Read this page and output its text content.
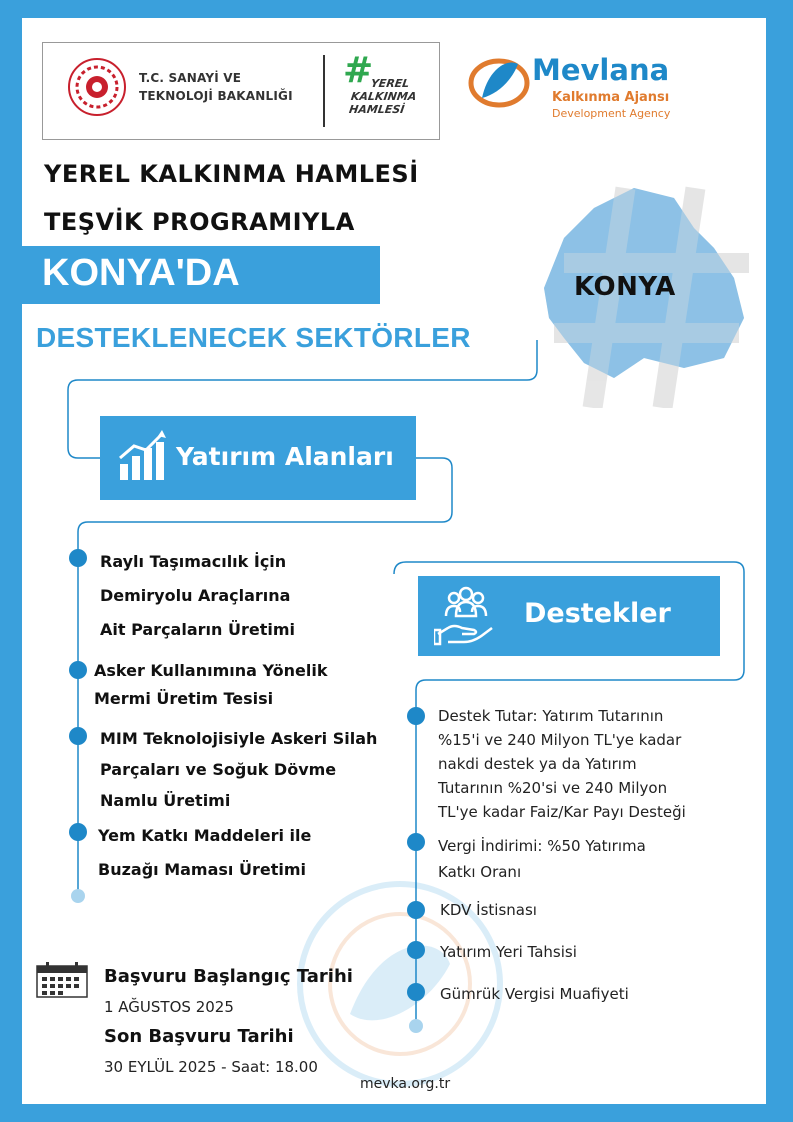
T.C. SANAYİ VE
TEKNOLOJİ BAKANLIĞI
#
YEREL
KALKINMA
HAMLESİ
Mevlana
Kalkınma Ajansı
Development Agency
KONYA
YEREL KALKINMA HAMLESİ
TEŞVİK PROGRAMIYLA
KONYA'DA
DESTEKLENECEK SEKTÖRLER
Yatırım Alanları
Raylı Taşımacılık İçin
Demiryolu Araçlarına
Ait Parçaların Üretimi
Asker Kullanımına Yönelik
Mermi Üretim Tesisi
MIM Teknolojisiyle Askeri Silah
Parçaları ve Soğuk Dövme
Namlu Üretimi
Yem Katkı Maddeleri ile
Buzağı Maması Üretimi
Destekler
Destek Tutar: Yatırım Tutarının
%15'i ve 240 Milyon TL'ye kadar
nakdi destek ya da Yatırım
Tutarının %20'si ve 240 Milyon
TL'ye kadar Faiz/Kar Payı Desteği
Vergi İndirimi: %50 Yatırıma
Katkı Oranı
KDV İstisnası
Yatırım Yeri Tahsisi
Gümrük Vergisi Muafiyeti
Başvuru Başlangıç Tarihi
1 AĞUSTOS 2025
Son Başvuru Tarihi
30 EYLÜL 2025 - Saat: 18.00
mevka.org.tr
